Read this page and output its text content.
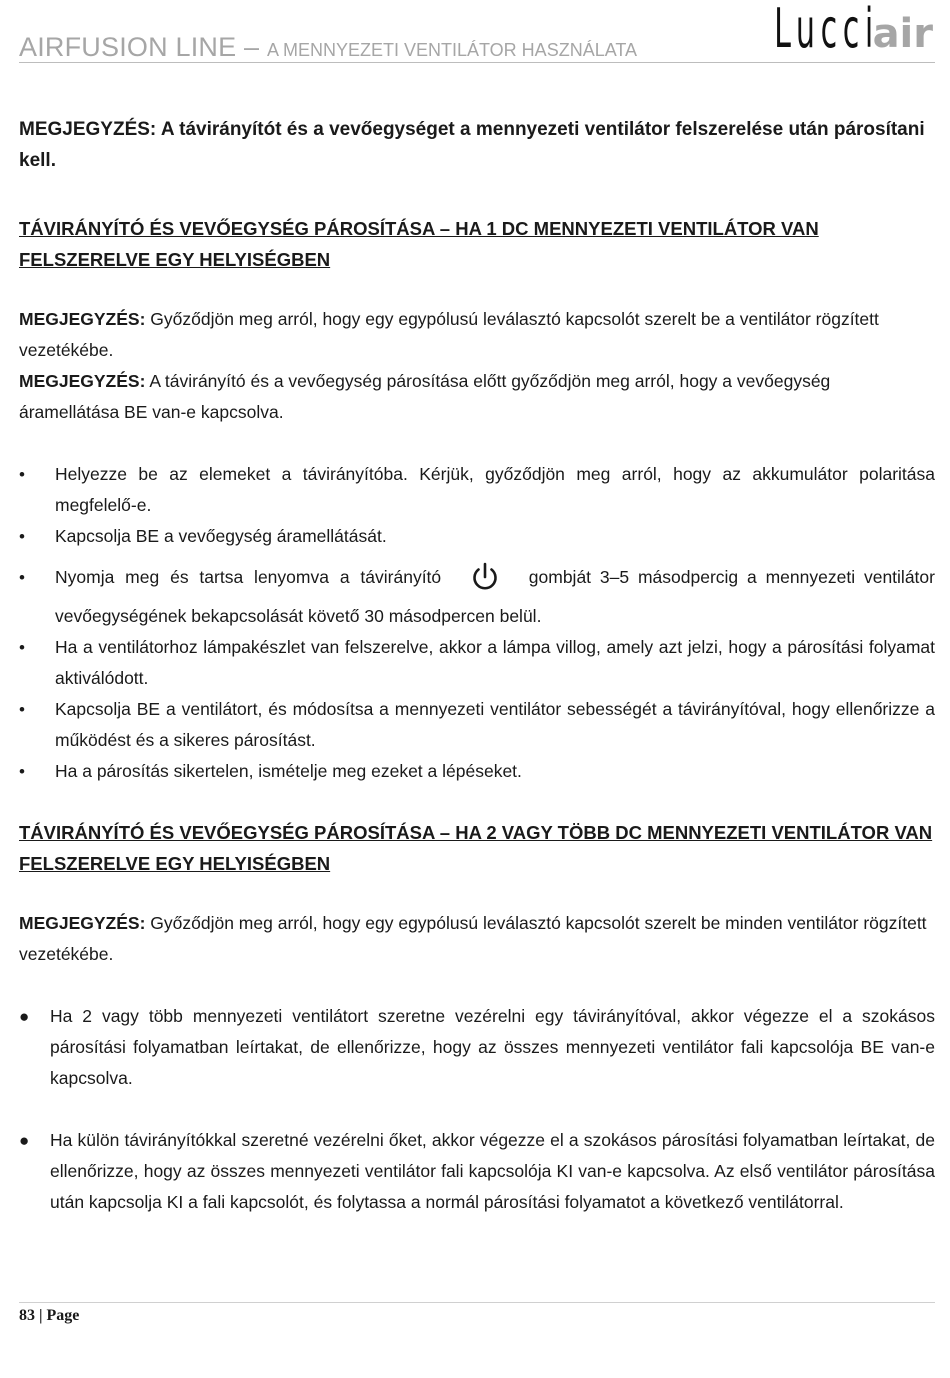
AIRFUSION LINE – A MENNYEZETI VENTILÁTOR HASZNÁLATA	Lucci
air

MEGJEGYZÉS: A távirányítót és a vevőegységet a mennyezeti ventilátor felszerelése után párosítani kell.

TÁVIRÁNYÍTÓ ÉS VEVŐEGYSÉG PÁROSÍTÁSA – HA 1 DC MENNYEZETI VENTILÁTOR VAN FELSZERELVE EGY HELYISÉGBEN

MEGJEGYZÉS: Győződjön meg arról, hogy egy egypólusú leválasztó kapcsolót szerelt be a ventilátor rögzített vezetékébe.

MEGJEGYZÉS: A távirányító és a vevőegység párosítása előtt győződjön meg arról, hogy a vevőegység áramellátása BE van-e kapcsolva.

• Helyezze be az elemeket a távirányítóba. Kérjük, győződjön meg arról, hogy az akkumulátor polaritása megfelelő-e.
• Kapcsolja BE a vevőegység áramellátását.
• Nyomja meg és tartsa lenyomva a távirányító	gombját 3–5 másodpercig a mennyezeti ventilátor
vevőegységének bekapcsolását követő 30 másodpercen belül.
• Ha a ventilátorhoz lámpakészlet van felszerelve, akkor a lámpa villog, amely azt jelzi, hogy a párosítási folyamat aktiválódott.
• Kapcsolja BE a ventilátort, és módosítsa a mennyezeti ventilátor sebességét a távirányítóval, hogy ellenőrizze a működést és a sikeres párosítást.
• Ha a párosítás sikertelen, ismételje meg ezeket a lépéseket.

TÁVIRÁNYÍTÓ ÉS VEVŐEGYSÉG PÁROSÍTÁSA – HA 2 VAGY TÖBB DC MENNYEZETI VENTILÁTOR VAN FELSZERELVE EGY HELYISÉGBEN

MEGJEGYZÉS: Győződjön meg arról, hogy egy egypólusú leválasztó kapcsolót szerelt be minden ventilátor rögzített vezetékébe.

● Ha 2 vagy több mennyezeti ventilátort szeretne vezérelni egy távirányítóval, akkor végezze el a szokásos párosítási folyamatban leírtakat, de ellenőrizze, hogy az összes mennyezeti ventilátor fali kapcsolója BE van-e kapcsolva.
● Ha külön távirányítókkal szeretné vezérelni őket, akkor végezze el a szokásos párosítási folyamatban leírtakat, de ellenőrizze, hogy az összes mennyezeti ventilátor fali kapcsolója KI van-e kapcsolva. Az első ventilátor párosítása után kapcsolja KI a fali kapcsolót, és folytassa a normál párosítási folyamatot a következő ventilátorral.
83 | Page
